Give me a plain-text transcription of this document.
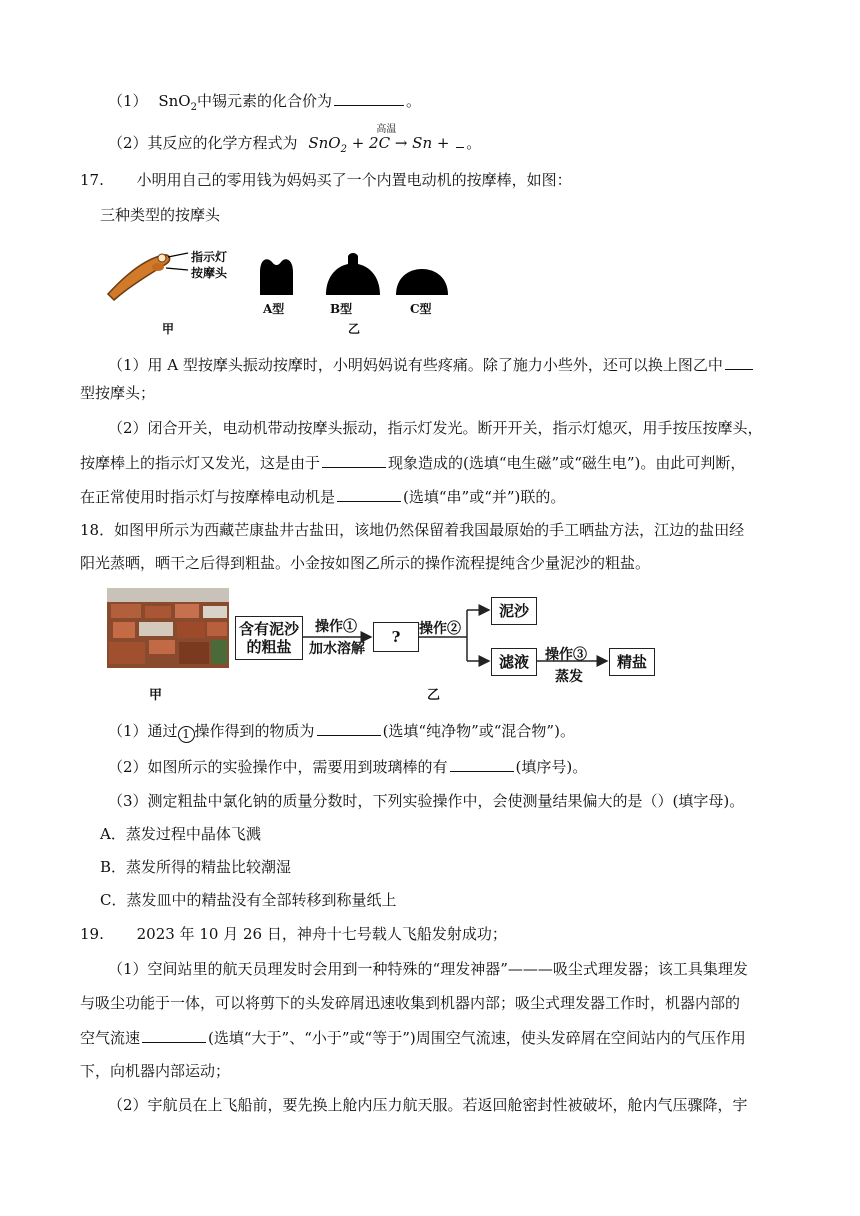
（1） SnO$_2$中锡元素的化合价为	。
（2）其反应的化学方程式为 SnO$_2$ + 2C → Sn +
高温
。
17. 小明用自己的零用钱为妈妈买了一个内置电动机的按摩棒，如图：
三种类型的按摩头
指示灯
按摩头
A型	B型	C型
甲	乙
（1）用 A 型按摩头振动按摩时，小明妈妈说有些疼痛。除了施力小些外，还可以换上图乙中
型按摩头；
（2）闭合开关，电动机带动按摩头振动，指示灯发光。断开开关，指示灯熄灭，用手按压按摩头，
按摩棒上的指示灯又发光，这是由于	现象造成的(选填“电生磁”或“磁生电”)。由此可判断，
在正常使用时指示灯与按摩棒电动机是	(选填“串”或“并”)联的。
18．如图甲所示为西藏芒康盐井古盐田，该地仍然保留着我国最原始的手工晒盐方法，江边的盐田经
阳光蒸晒，晒干之后得到粗盐。小金按如图乙所示的操作流程提纯含少量泥沙的粗盐。
含有泥沙的粗盐
操作①
加水溶解
? 操作②
泥沙
滤液 操作③
蒸发
精盐
甲	乙
（1）通过 1 操作得到的物质为	(选填“纯净物”或“混合物”)。
（2）如图所示的实验操作中，需要用到玻璃棒的有	(填序号)。
（3）测定粗盐中氯化钠的质量分数时，下列实验操作中，会使测量结果偏大的是（）(填字母)。
A．蒸发过程中晶体飞溅
B．蒸发所得的精盐比较潮湿
C．蒸发皿中的精盐没有全部转移到称量纸上
19. 2023 年 10 月 26 日，神舟十七号载人飞船发射成功；
（1）空间站里的航天员理发时会用到一种特殊的“理发神器”———吸尘式理发器；该工具集理发
与吸尘功能于一体，可以将剪下的头发碎屑迅速收集到机器内部；吸尘式理发器工作时，机器内部的
空气流速	(选填“大于”、“小于”或“等于”)周围空气流速，使头发碎屑在空间站内的气压作用
下，向机器内部运动；
（2）宇航员在上飞船前，要先换上舱内压力航天服。若返回舱密封性被破坏，舱内气压骤降，宇
